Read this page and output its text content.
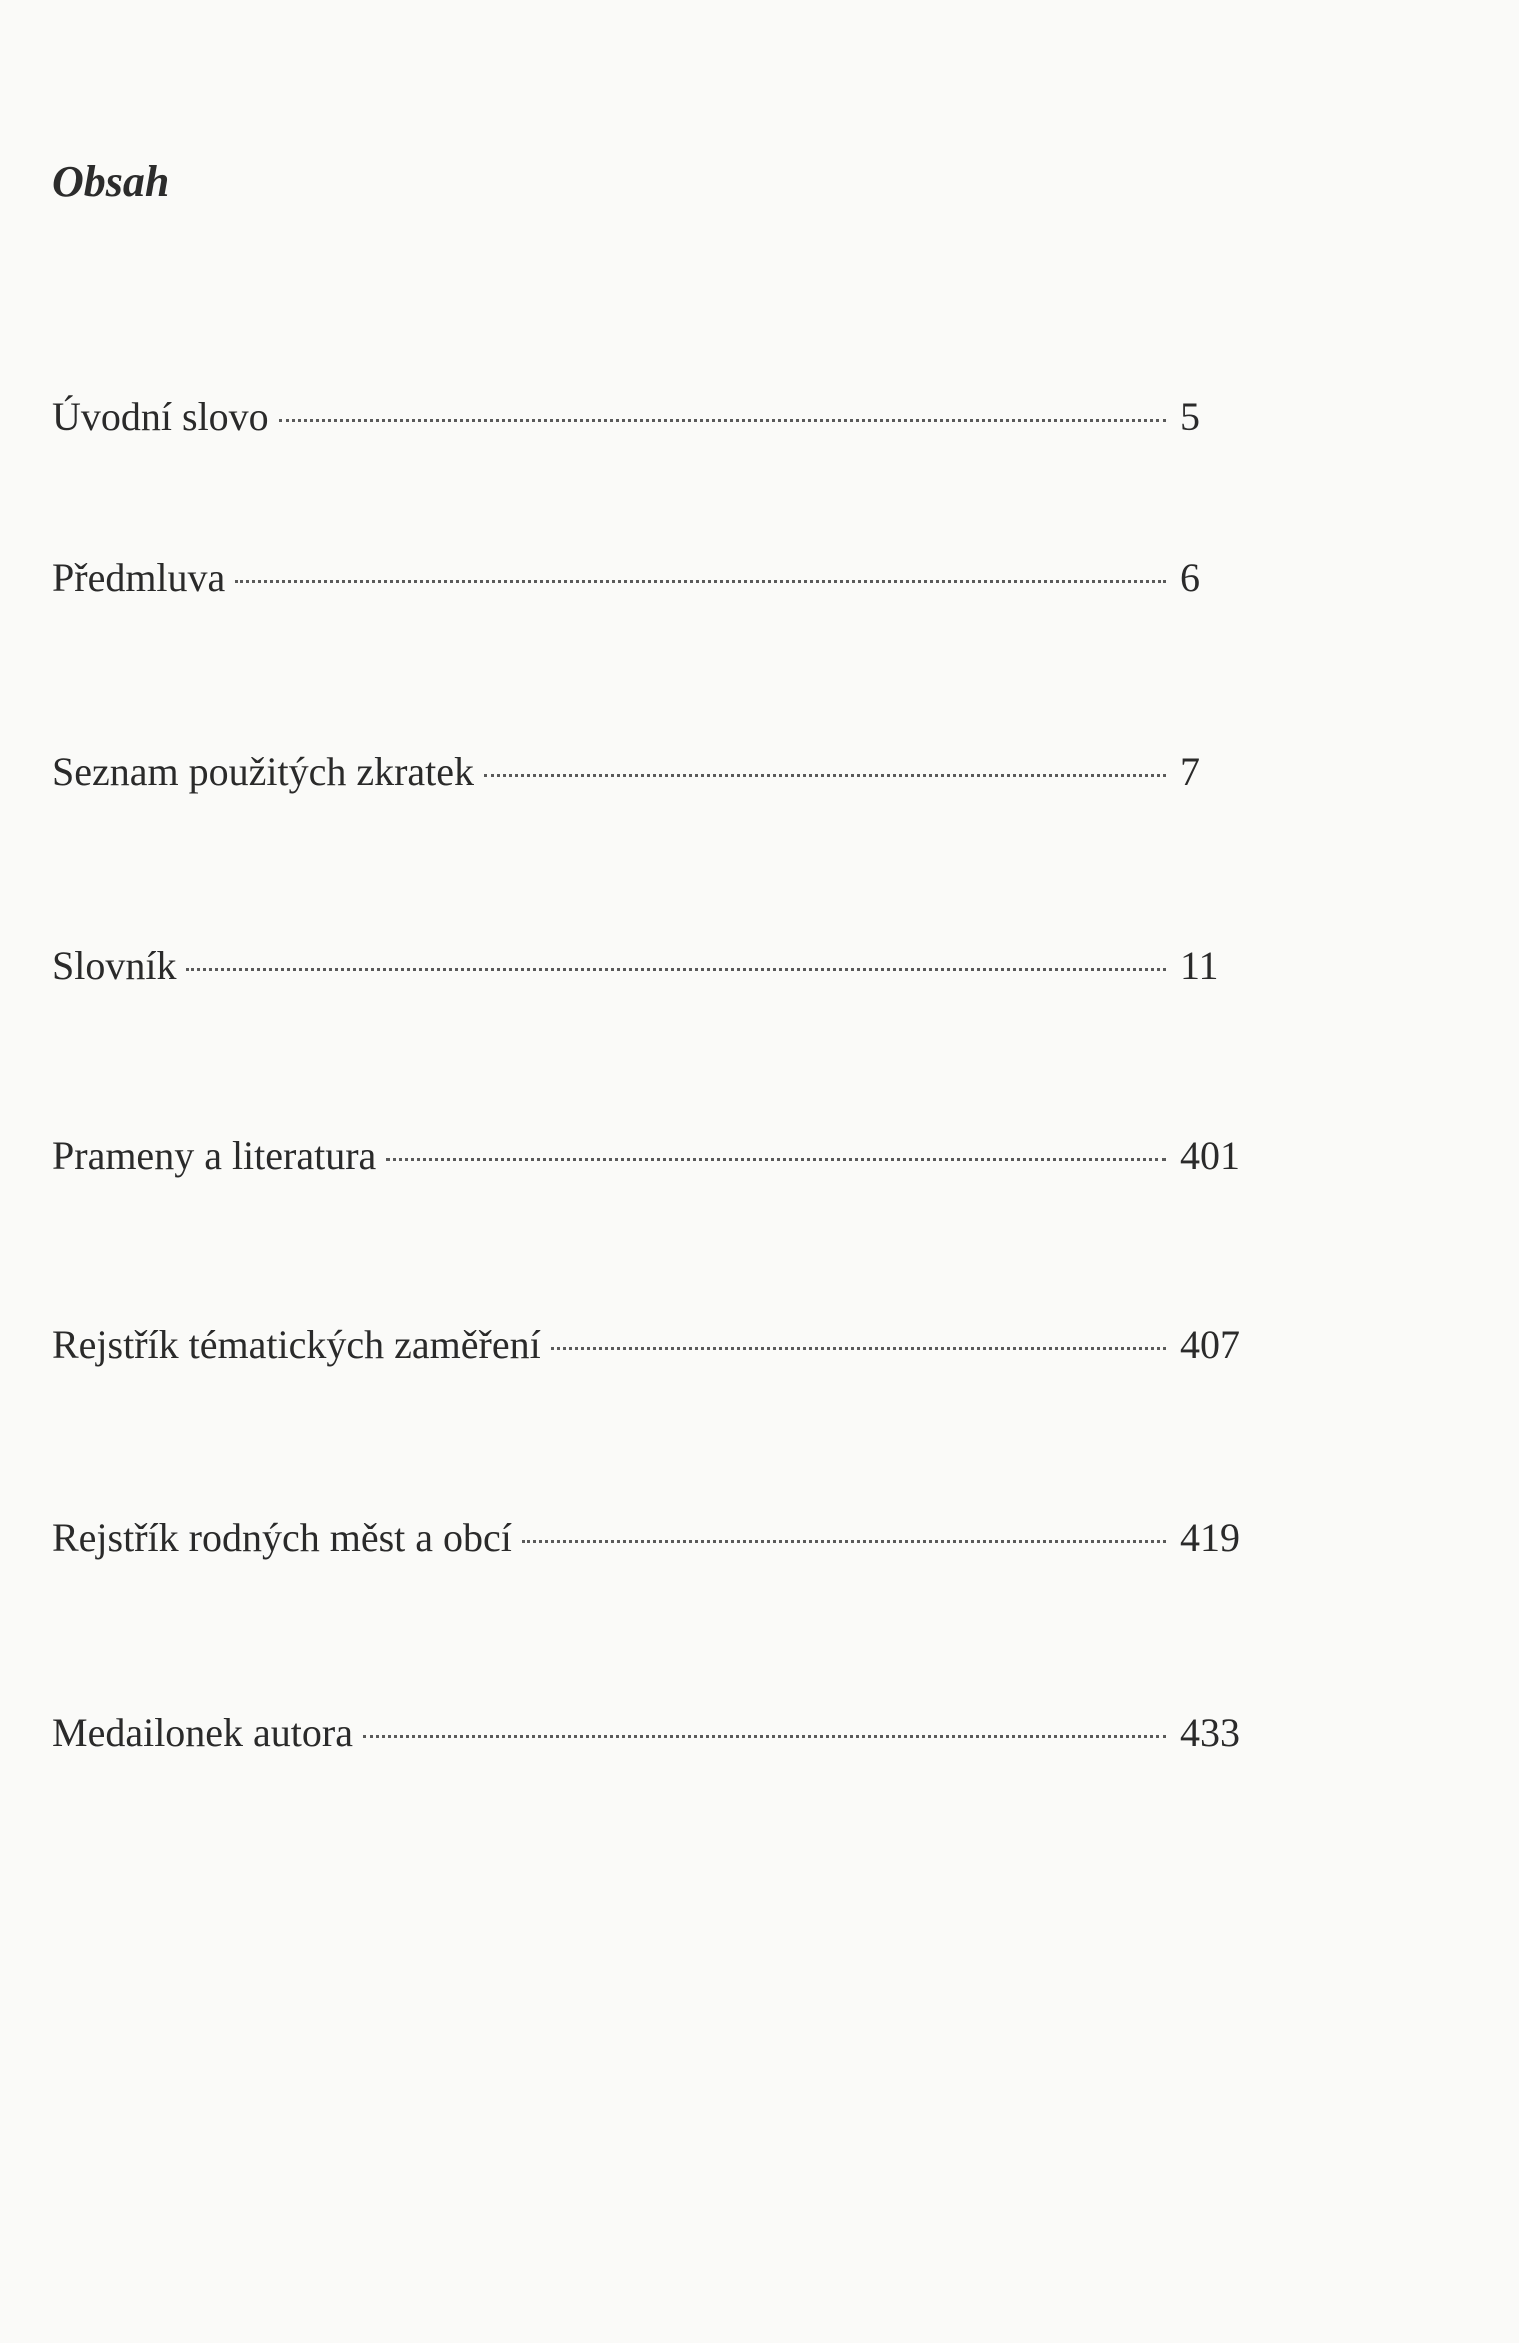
Obsah
Úvodní slovo	5
Předmluva	6
Seznam použitých zkratek	7
Slovník	11
Prameny a literatura	401
Rejstřík tématických zaměření	407
Rejstřík rodných měst a obcí	419
Medailonek autora	433
